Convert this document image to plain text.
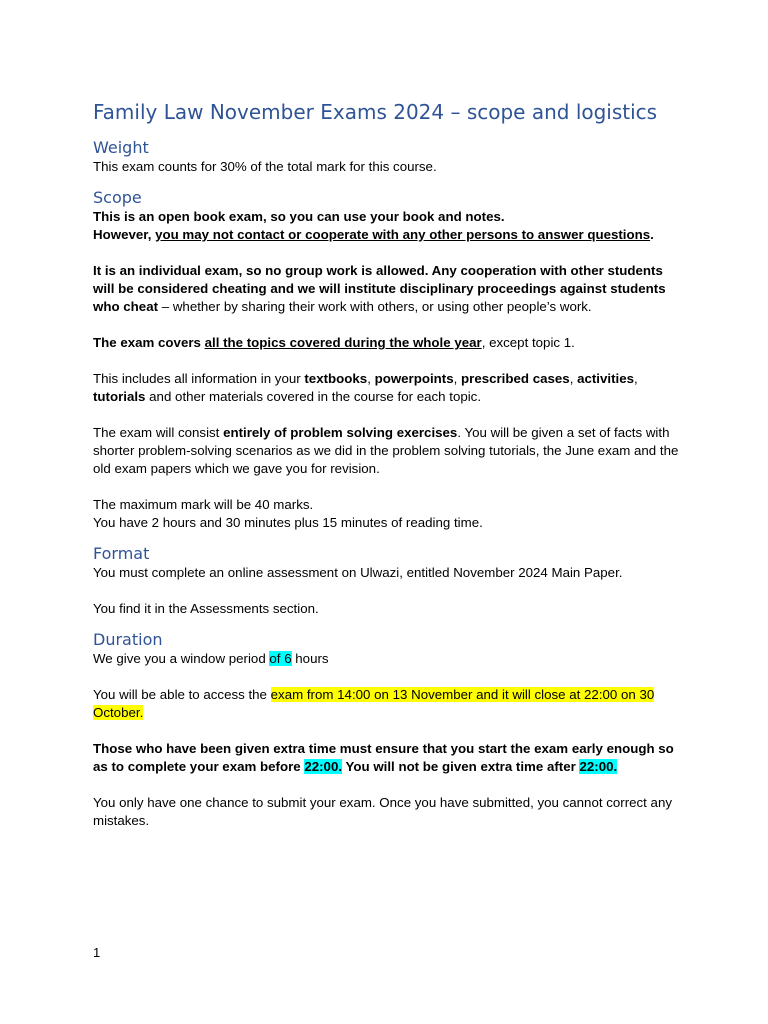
Family Law November Exams 2024 – scope and logistics
Weight

This exam counts for 30% of the total mark for this course.

Scope

This is an open book exam, so you can use your book and notes.

However, you may not contact or cooperate with any other persons to answer questions.

It is an individual exam, so no group work is allowed. Any cooperation with other students will be considered cheating and we will institute disciplinary proceedings against students who cheat – whether by sharing their work with others, or using other people’s work.

The exam covers all the topics covered during the whole year, except topic 1.

This includes all information in your textbooks, powerpoints, prescribed cases, activities, tutorials and other materials covered in the course for each topic.

The exam will consist entirely of problem solving exercises. You will be given a set of facts with shorter problem-solving scenarios as we did in the problem solving tutorials, the June exam and the old exam papers which we gave you for revision.

The maximum mark will be 40 marks.

You have 2 hours and 30 minutes plus 15 minutes of reading time.

Format

You must complete an online assessment on Ulwazi, entitled November 2024 Main Paper.

You find it in the Assessments section.

Duration

We give you a window period of 6 hours

You will be able to access the exam from 14:00 on 13 November and it will close at 22:00 on 30 October.

Those who have been given extra time must ensure that you start the exam early enough so as to complete your exam before 22:00. You will not be given extra time after 22:00.

You only have one chance to submit your exam. Once you have submitted, you cannot correct any mistakes.

1
